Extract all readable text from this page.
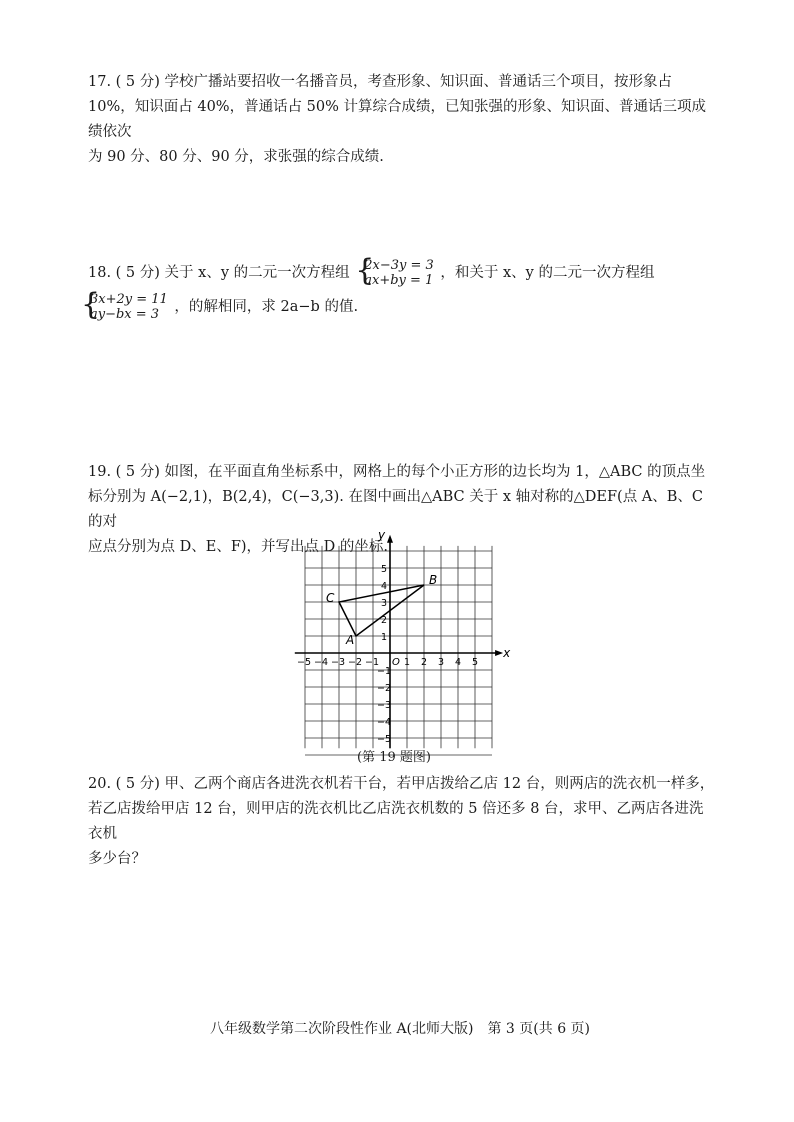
17. ( 5 分) 学校广播站要招收一名播音员，考查形象、知识面、普通话三个项目，按形象占

10%，知识面占 40%，普通话占 50% 计算综合成绩，已知张强的形象、知识面、普通话三项成绩依次

为 90 分、80 分、90 分，求张强的综合成绩.

18. ( 5 分) 关于 x、y 的二元一次方程组 {
2x−3y = 3
ax+by = 1 ，和关于 x、y 的二元一次方程组

{
3x+2y = 11
ay−bx = 3	，的解相同，求 2a−b 的值.

19. ( 5 分) 如图，在平面直角坐标系中，网格上的每个小正方形的边长均为 1，△ABC 的顶点坐

标分别为 A(−2,1)，B(2,4)，C(−3,3). 在图中画出△ABC 关于 x 轴对称的△DEF(点 A、B、C 的对

应点分别为点 D、E、F)，并写出点 D 的坐标.

x
y
−5 −4 −3 −2 −1	1 2 3 4 5
5
4
3
2
1
−1
−2
−3
−4
−5
O
A
B
C
(第 19 题图)

20. ( 5 分) 甲、乙两个商店各进洗衣机若干台，若甲店拨给乙店 12 台，则两店的洗衣机一样多，

若乙店拨给甲店 12 台，则甲店的洗衣机比乙店洗衣机数的 5 倍还多 8 台，求甲、乙两店各进洗衣机

多少台？

八年级数学第二次阶段性作业 A(北师大版)　第 3 页(共 6 页)
